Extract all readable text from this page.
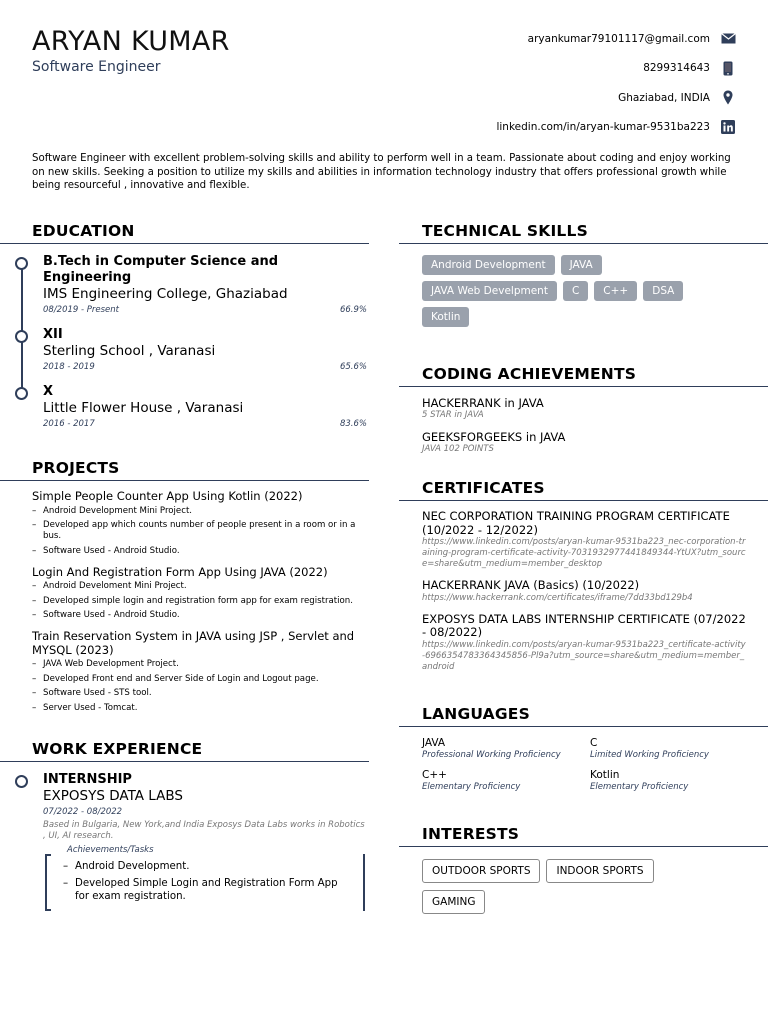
ARYAN KUMAR
Software Engineer
aryankumar79101117@gmail.com
8299314643
Ghaziabad, INDIA
linkedin.com/in/aryan-kumar-9531ba223
Software Engineer with excellent problem-solving skills and ability to perform well in a team. Passionate about coding and enjoy working on new skills. Seeking a position to utilize my skills and abilities in information technology industry that offers professional growth while being resourceful , innovative and flexible.
EDUCATION
B.Tech in Computer Science and Engineering
IMS Engineering College, Ghaziabad
08/2019 - Present	66.9%
XII
Sterling School , Varanasi
2018 - 2019	65.6%
X
Little Flower House , Varanasi
2016 - 2017	83.6%
PROJECTS
Simple People Counter App Using Kotlin (2022)
– Android Development Mini Project.
– Developed app which counts number of people present in a room or in a bus.
– Software Used - Android Studio.
Login And Registration Form App Using JAVA (2022)
– Android Develoment Mini Project.
– Developed simple login and registration form app for exam registration.
– Software Used - Android Studio.
Train Reservation System in JAVA using JSP , Servlet and MYSQL (2023)
– JAVA Web Development Project.
– Developed Front end and Server Side of Login and Logout page.
– Software Used - STS tool.
– Server Used - Tomcat.
WORK EXPERIENCE
INTERNSHIP
EXPOSYS DATA LABS
07/2022 - 08/2022
Based in Bulgaria, New York,and India Exposys Data Labs works in Robotics , UI, AI research.
Achievements/Tasks
– Android Development.
– Developed Simple Login and Registration Form App for exam registration.
TECHNICAL SKILLS
Android Development	JAVA
JAVA Web Develpment	C	C++	DSA
Kotlin
CODING ACHIEVEMENTS
HACKERRANK in JAVA
5 STAR in JAVA
GEEKSFORGEEKS in JAVA
JAVA 102 POINTS
CERTIFICATES
NEC CORPORATION TRAINING PROGRAM CERTIFICATE (10/2022 - 12/2022)
https://www.linkedin.com/posts/aryan-kumar-9531ba223_nec-corporation-training-program-certificate-activity-7031932977441849344-YtUX?utm_source=share&utm_medium=member_desktop
HACKERRANK JAVA (Basics) (10/2022)
https://www.hackerrank.com/certificates/iframe/7dd33bd129b4
EXPOSYS DATA LABS INTERNSHIP CERTIFICATE (07/2022 - 08/2022)
https://www.linkedin.com/posts/aryan-kumar-9531ba223_certificate-activity-6966354783364345856-Pl9a?utm_source=share&utm_medium=member_android
LANGUAGES
JAVA
Professional Working Proficiency
C
Limited Working Proficiency
C++
Elementary Proficiency
Kotlin
Elementary Proficiency
INTERESTS
OUTDOOR SPORTS	INDOOR SPORTS
GAMING
